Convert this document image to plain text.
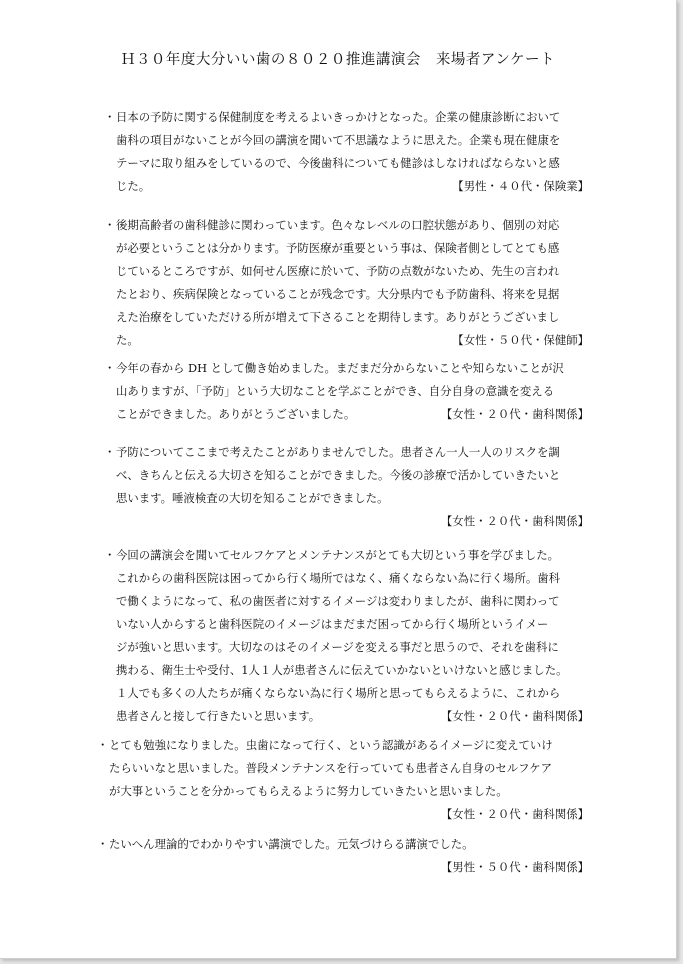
Ｈ３０年度大分いい歯の８０２０推進講演会　来場者アンケート
・日本の予防に関する保健制度を考えるよいきっかけとなった。企業の健康診断において
歯科の項目がないことが今回の講演を聞いて不思議なように思えた。企業も現在健康を
テーマに取り組みをしているので、今後歯科についても健診はしなければならないと感
じた。	【男性・４０代・保険業】
・後期高齢者の歯科健診に関わっています。色々なレベルの口腔状態があり、個別の対応
が必要ということは分かります。予防医療が重要という事は、保険者側としてとても感
じているところですが、如何せん医療に於いて、予防の点数がないため、先生の言われ
たとおり、疾病保険となっていることが残念です。大分県内でも予防歯科、将来を見据
えた治療をしていただける所が増えて下さることを期待します。ありがとうございまし
た。	【女性・５０代・保健師】
・今年の春から DH として働き始めました。まだまだ分からないことや知らないことが沢
山ありますが、「予防」という大切なことを学ぶことができ、自分自身の意識を変える
ことができました。ありがとうございました。	【女性・２０代・歯科関係】
・予防についてここまで考えたことがありませんでした。患者さん一人一人のリスクを調
べ、きちんと伝える大切さを知ることができました。今後の診療で活かしていきたいと
思います。唾液検査の大切を知ることができました。
【女性・２０代・歯科関係】
・今回の講演会を聞いてセルフケアとメンテナンスがとても大切という事を学びました。
これからの歯科医院は困ってから行く場所ではなく、痛くならない為に行く場所。歯科
で働くようになって、私の歯医者に対するイメージは変わりましたが、歯科に関わって
いない人からすると歯科医院のイメージはまだまだ困ってから行く場所というイメー
ジが強いと思います。大切なのはそのイメージを変える事だと思うので、それを歯科に
携わる、衛生士や受付、1人１人が患者さんに伝えていかないといけないと感じました。
１人でも多くの人たちが痛くならない為に行く場所と思ってもらえるように、これから
患者さんと接して行きたいと思います。	【女性・２０代・歯科関係】
・とても勉強になりました。虫歯になって行く、という認識があるイメージに変えていけ
たらいいなと思いました。普段メンテナンスを行っていても患者さん自身のセルフケア
が大事ということを分かってもらえるように努力していきたいと思いました。
【女性・２０代・歯科関係】
・たいへん理論的でわかりやすい講演でした。元気づけらる講演でした。
【男性・５０代・歯科関係】
